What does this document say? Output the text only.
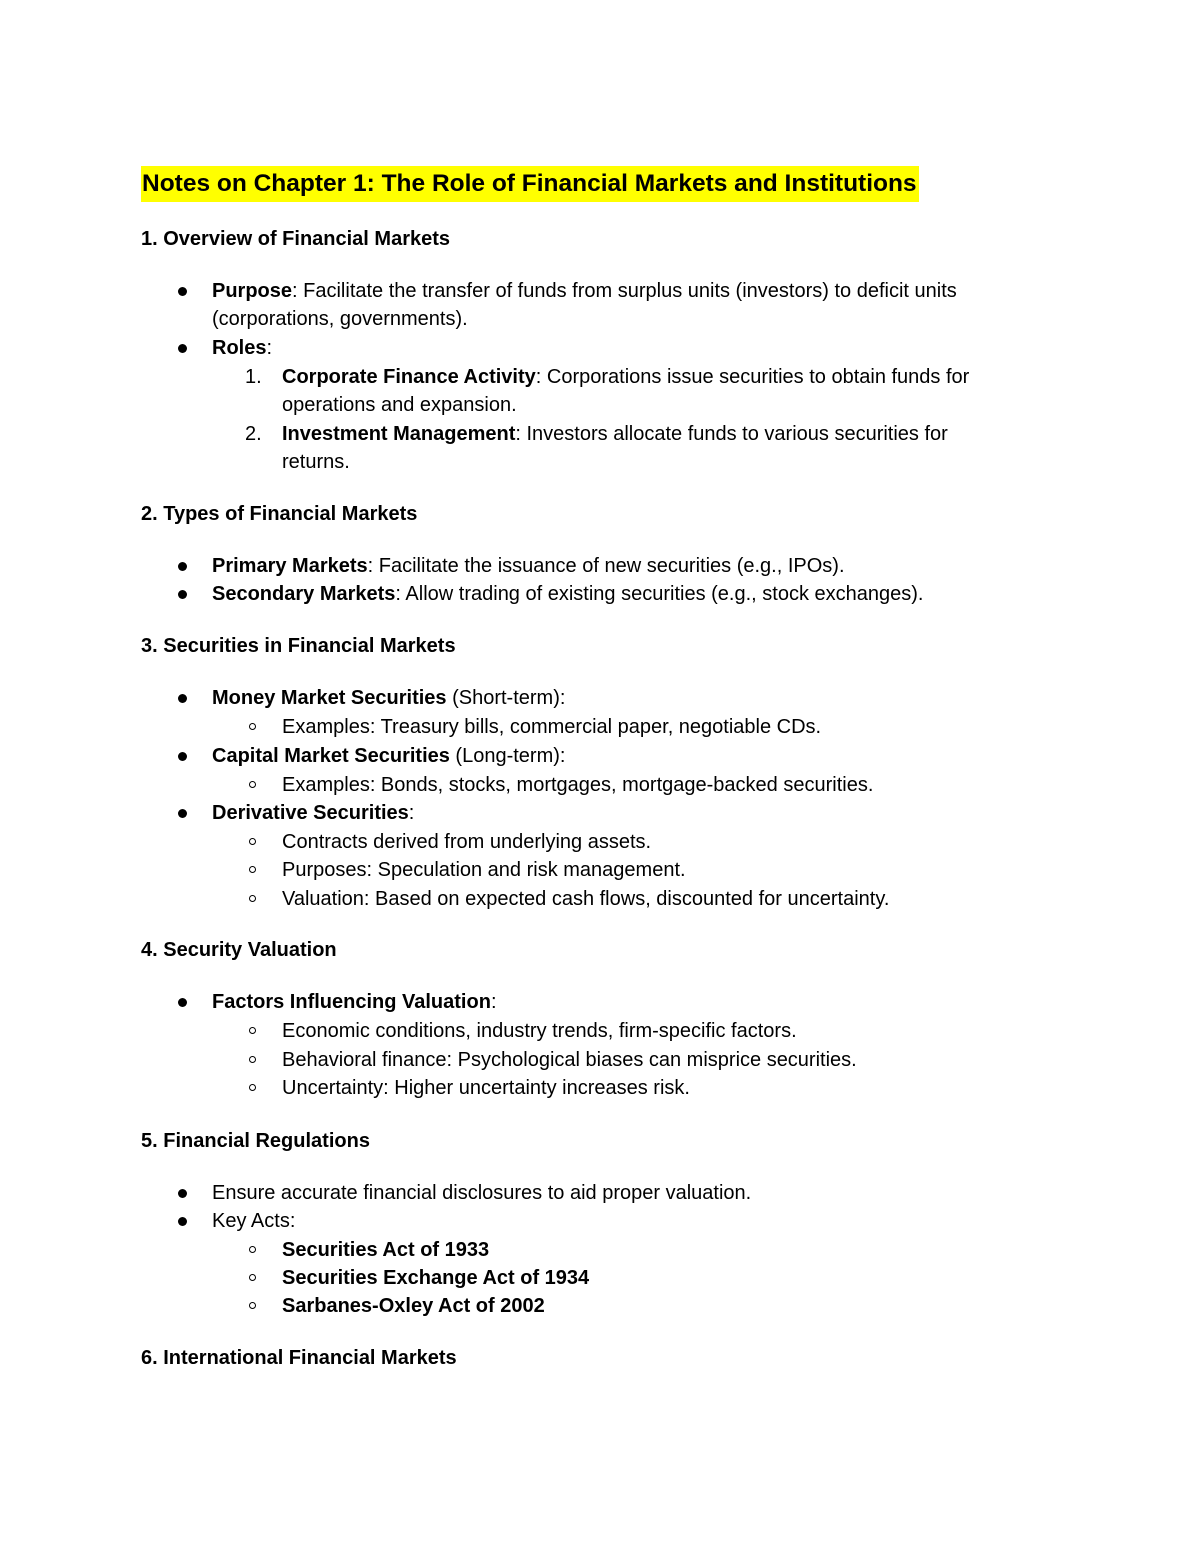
Notes on Chapter 1: The Role of Financial Markets and Institutions
1. Overview of Financial Markets
Purpose: Facilitate the transfer of funds from surplus units (investors) to deficit units
(corporations, governments).
Roles:
1. Corporate Finance Activity: Corporations issue securities to obtain funds for
operations and expansion.
2. Investment Management: Investors allocate funds to various securities for
returns.
2. Types of Financial Markets
Primary Markets: Facilitate the issuance of new securities (e.g., IPOs).
Secondary Markets: Allow trading of existing securities (e.g., stock exchanges).
3. Securities in Financial Markets
Money Market Securities (Short-term):
Examples: Treasury bills, commercial paper, negotiable CDs.
Capital Market Securities (Long-term):
Examples: Bonds, stocks, mortgages, mortgage-backed securities.
Derivative Securities:
Contracts derived from underlying assets.
Purposes: Speculation and risk management.
Valuation: Based on expected cash flows, discounted for uncertainty.
4. Security Valuation
Factors Influencing Valuation:
Economic conditions, industry trends, firm-specific factors.
Behavioral finance: Psychological biases can misprice securities.
Uncertainty: Higher uncertainty increases risk.
5. Financial Regulations
Ensure accurate financial disclosures to aid proper valuation.
Key Acts:
Securities Act of 1933
Securities Exchange Act of 1934
Sarbanes-Oxley Act of 2002
6. International Financial Markets
